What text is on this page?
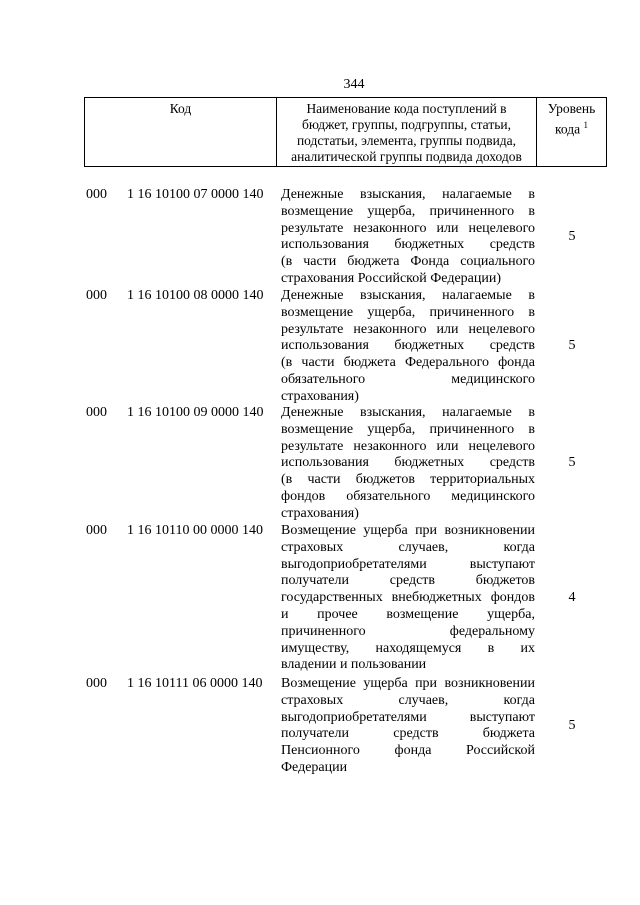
344
Код	Наименование кода поступлений в
бюджет, группы, подгруппы, статьи,
подстатьи, элемента, группы подвида,
аналитической группы подвида доходов
Уровень
кода $^1$
000 1 16 10100 07 0000 140 Денежные взыскания, налагаемые в
возмещение ущерба, причиненного в
результате незаконного или нецелевого
использования бюджетных средств
(в части бюджета Фонда социального
страхования Российской Федерации)
5
000 1 16 10100 08 0000 140 Денежные взыскания, налагаемые в
возмещение ущерба, причиненного в
результате незаконного или нецелевого
использования бюджетных средств
(в части бюджета Федерального фонда
обязательного медицинского
страхования)
5
000 1 16 10100 09 0000 140 Денежные взыскания, налагаемые в
возмещение ущерба, причиненного в
результате незаконного или нецелевого
использования бюджетных средств
(в части бюджетов территориальных
фондов обязательного медицинского
страхования)
5
000 1 16 10110 00 0000 140 Возмещение ущерба при возникновении
страховых случаев, когда
выгодоприобретателями выступают
получатели средств бюджетов
государственных внебюджетных фондов
и прочее возмещение ущерба,
причиненного федеральному
имуществу, находящемуся в их
владении и пользовании
4
000 1 16 10111 06 0000 140 Возмещение ущерба при возникновении
страховых случаев, когда
выгодоприобретателями выступают
получатели средств бюджета
Пенсионного фонда Российской
Федерации
5
